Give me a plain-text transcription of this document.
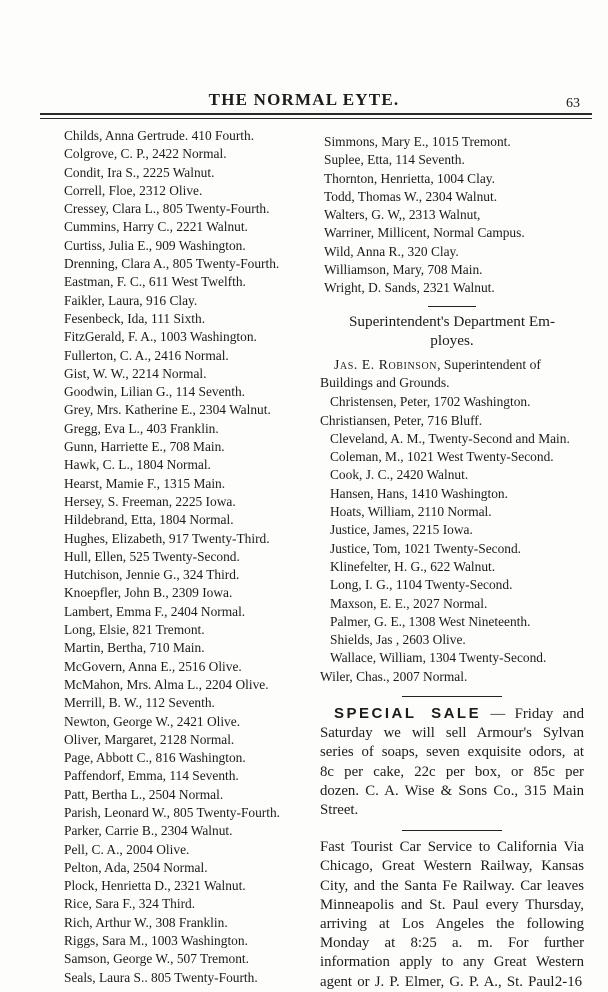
THE NORMAL EYTE.	63
Childs, Anna Gertrude. 410 Fourth.
Colgrove, C. P., 2422 Normal.
Condit, Ira S., 2225 Walnut.
Correll, Floe, 2312 Olive.
Cressey, Clara L., 805 Twenty-Fourth.
Cummins, Harry C., 2221 Walnut.
Curtiss, Julia E., 909 Washington.
Drenning, Clara A., 805 Twenty-Fourth.
Eastman, F. C., 611 West Twelfth.
Faikler, Laura, 916 Clay.
Fesenbeck, Ida, 111 Sixth.
FitzGerald, F. A., 1003 Washington.
Fullerton, C. A., 2416 Normal.
Gist, W. W., 2214 Normal.
Goodwin, Lilian G., 114 Seventh.
Grey, Mrs. Katherine E., 2304 Walnut.
Gregg, Eva L., 403 Franklin.
Gunn, Harriette E., 708 Main.
Hawk, C. L., 1804 Normal.
Hearst, Mamie F., 1315 Main.
Hersey, S. Freeman, 2225 Iowa.
Hildebrand, Etta, 1804 Normal.
Hughes, Elizabeth, 917 Twenty-Third.
Hull, Ellen, 525 Twenty-Second.
Hutchison, Jennie G., 324 Third.
Knoepfler, John B., 2309 Iowa.
Lambert, Emma F., 2404 Normal.
Long, Elsie, 821 Tremont.
Martin, Bertha, 710 Main.
McGovern, Anna E., 2516 Olive.
McMahon, Mrs. Alma L., 2204 Olive.
Merrill, B. W., 112 Seventh.
Newton, George W., 2421 Olive.
Oliver, Margaret, 2128 Normal.
Page, Abbott C., 816 Washington.
Paffendorf, Emma, 114 Seventh.
Patt, Bertha L., 2504 Normal.
Parish, Leonard W., 805 Twenty-Fourth.
Parker, Carrie B., 2304 Walnut.
Pell, C. A., 2004 Olive.
Pelton, Ada, 2504 Normal.
Plock, Henrietta D., 2321 Walnut.
Rice, Sara F., 324 Third.
Rich, Arthur W., 308 Franklin.
Riggs, Sara M., 1003 Washington.
Samson, George W., 507 Tremont.
Seals, Laura S.. 805 Twenty-Fourth.
Simmons, Mary E., 1015 Tremont.
Suplee, Etta, 114 Seventh.
Thornton, Henrietta, 1004 Clay.
Todd, Thomas W., 2304 Walnut.
Walters, G. W,, 2313 Walnut,
Warriner, Millicent, Normal Campus.
Wild, Anna R., 320 Clay.
Williamson, Mary, 708 Main.
Wright, D. Sands, 2321 Walnut.
Superintendent's Department Em-
ployes.

Jas. E. Robinson, Superintendent of Buildings and Grounds.

Christensen, Peter, 1702 Washington.
Christiansen, Peter, 716 Bluff.
Cleveland, A. M., Twenty-Second and Main.
Coleman, M., 1021 West Twenty-Second.
Cook, J. C., 2420 Walnut.
Hansen, Hans, 1410 Washington.
Hoats, William, 2110 Normal.
Justice, James, 2215 Iowa.
Justice, Tom, 1021 Twenty-Second.
Klinefelter, H. G., 622 Walnut.
Long, I. G., 1104 Twenty-Second.
Maxson, E. E., 2027 Normal.
Palmer, G. E., 1308 West Nineteenth.
Shields, Jas , 2603 Olive.
Wallace, William, 1304 Twenty-Second.
Wiler, Chas., 2007 Normal.

SPECIAL SALE — Friday and Saturday we will sell Armour's Sylvan series of soaps, seven exquisite odors, at 8c per cake, 22c per box, or 85c per dozen. C. A. Wise & Sons Co., 315 Main Street.

Fast Tourist Car Service to California Via Chicago, Great Western Railway, Kansas City, and the Santa Fe Railway. Car leaves Minneapolis and St. Paul every Thursday, arriving at Los Angeles the following Monday at 8:25 a. m. For further information apply to any Great Western agent or J. P. Elmer, G. P. A., St. Paul.
2-16
